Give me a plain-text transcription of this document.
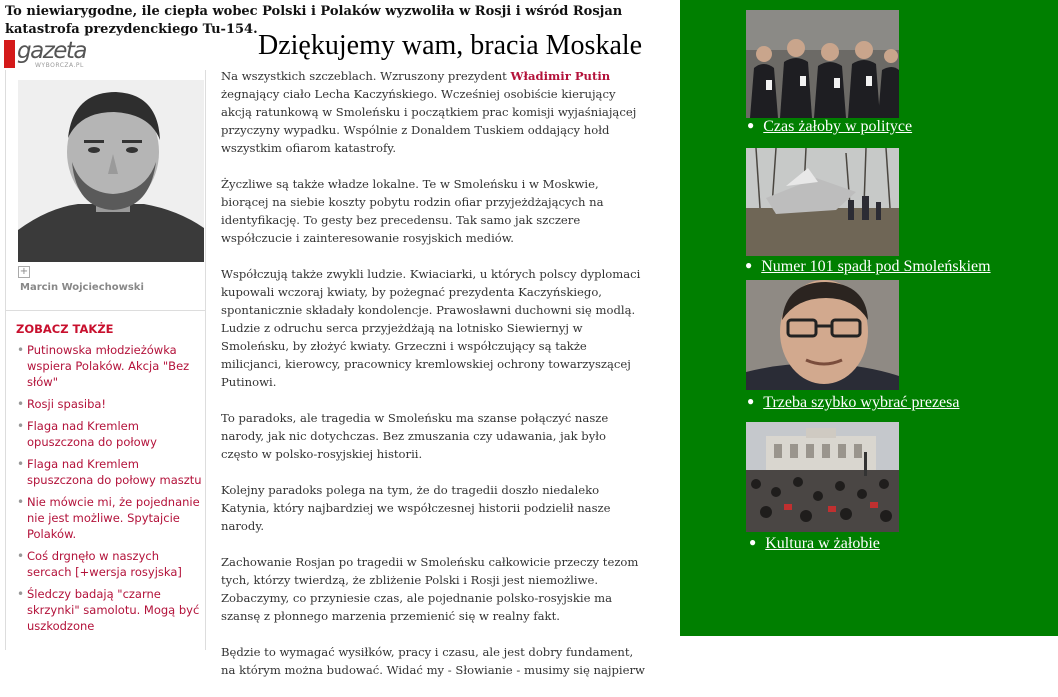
To niewiarygodne, ile ciepła wobec Polski i Polaków wyzwoliła w Rosji i wśród Rosjan katastrofa prezydenckiego Tu-154.
gazeta
WYBORCZA.PL
Dziękujemy wam, bracia Moskale
+
Marcin Wojciechowski
ZOBACZ TAKŻE
• Putinowska młodzieżówka wspiera Polaków. Akcja "Bez słów"
• Rosji spasiba!
• Flaga nad Kremlem opuszczona do połowy
• Flaga nad Kremlem spuszczona do połowy masztu
• Nie mówcie mi, że pojednanie nie jest możliwe. Spytajcie Polaków.
• Coś drgnęło w naszych sercach [+wersja rosyjska]
• Śledczy badają "czarne skrzynki" samolotu. Mogą być uszkodzone

Na wszystkich szczeblach. Wzruszony prezydent Władimir Putin żegnający ciało Lecha Kaczyńskiego. Wcześniej osobiście kierujący akcją ratunkową w Smoleńsku i początkiem prac komisji wyjaśniającej przyczyny wypadku. Wspólnie z Donaldem Tuskiem oddający hołd wszystkim ofiarom katastrofy.

Życzliwe są także władze lokalne. Te w Smoleńsku i w Moskwie, biorącej na siebie koszty pobytu rodzin ofiar przyjeżdżających na identyfikację. To gesty bez precedensu. Tak samo jak szczere współczucie i zainteresowanie rosyjskich mediów.

Współczują także zwykli ludzie. Kwiaciarki, u których polscy dyplomaci kupowali wczoraj kwiaty, by pożegnać prezydenta Kaczyńskiego, spontanicznie składały kondolencje. Prawosławni duchowni się modlą. Ludzie z odruchu serca przyjeżdżają na lotnisko Siewiernyj w Smoleńsku, by złożyć kwiaty. Grzeczni i współczujący są także milicjanci, kierowcy, pracownicy kremlowskiej ochrony towarzyszącej Putinowi.

To paradoks, ale tragedia w Smoleńsku ma szanse połączyć nasze narody, jak nic dotychczas. Bez zmuszania czy udawania, jak było często w polsko-rosyjskiej historii.

Kolejny paradoks polega na tym, że do tragedii doszło niedaleko Katynia, który najbardziej we współczesnej historii podzielił nasze narody.

Zachowanie Rosjan po tragedii w Smoleńsku całkowicie przeczy tezom tych, którzy twierdzą, że zbliżenie Polski i Rosji jest niemożliwe. Zobaczymy, co przyniesie czas, ale pojednanie polsko-rosyjskie ma szansę z płonnego marzenia przemienić się w realny fakt.

Będzie to wymagać wysiłków, pracy i czasu, ale jest dobry fundament, na którym można budować. Widać my - Słowianie - musimy się najpierw

● Czas żałoby w polityce
● Numer 101 spadł pod Smoleńskiem
● Trzeba szybko wybrać prezesa
● Kultura w żałobie
